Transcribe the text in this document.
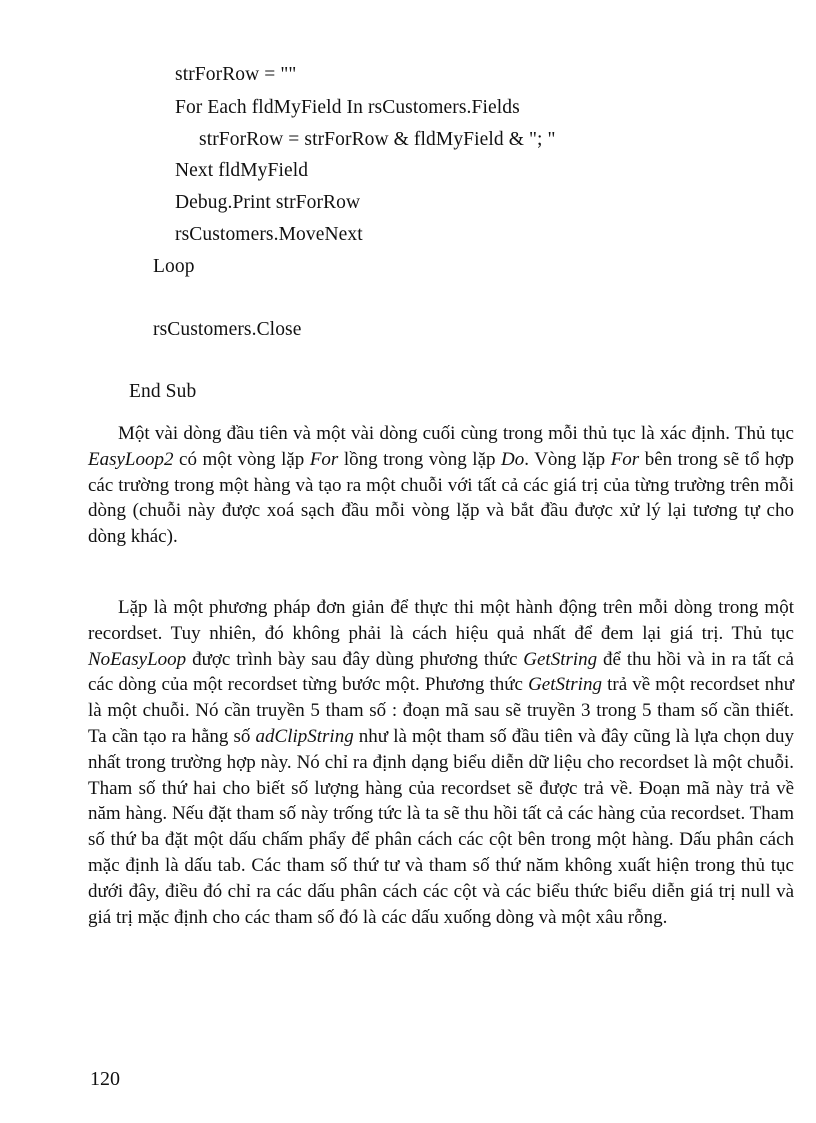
strForRow = ""
For Each fldMyField In rsCustomers.Fields
strForRow = strForRow & fldMyField & "; "
Next fldMyField
Debug.Print strForRow
rsCustomers.MoveNext
Loop
rsCustomers.Close
End Sub

Một vài dòng đầu tiên và một vài dòng cuối cùng trong mỗi thủ tục là xác định. Thủ tục EasyLoop2 có một vòng lặp For lồng trong vòng lặp Do. Vòng lặp For bên trong sẽ tổ hợp các trường trong một hàng và tạo ra một chuỗi với tất cả các giá trị của từng trường trên mỗi dòng (chuỗi này được xoá sạch đầu mỗi vòng lặp và bắt đầu được xử lý lại tương tự cho dòng khác).

Lặp là một phương pháp đơn giản để thực thi một hành động trên mỗi dòng trong một recordset. Tuy nhiên, đó không phải là cách hiệu quả nhất để đem lại giá trị. Thủ tục NoEasyLoop được trình bày sau đây dùng phương thức GetString để thu hồi và in ra tất cả các dòng của một recordset từng bước một. Phương thức GetString trả về một recordset như là một chuỗi. Nó cần truyền 5 tham số : đoạn mã sau sẽ truyền 3 trong 5 tham số cần thiết. Ta cần tạo ra hằng số adClipString như là một tham số đầu tiên và đây cũng là lựa chọn duy nhất trong trường hợp này. Nó chỉ ra định dạng biểu diễn dữ liệu cho recordset là một chuỗi. Tham số thứ hai cho biết số lượng hàng của recordset sẽ được trả về. Đoạn mã này trả về năm hàng. Nếu đặt tham số này trống tức là ta sẽ thu hồi tất cả các hàng của recordset. Tham số thứ ba đặt một dấu chấm phẩy để phân cách các cột bên trong một hàng. Dấu phân cách mặc định là dấu tab. Các tham số thứ tư và tham số thứ năm không xuất hiện trong thủ tục dưới đây, điều đó chỉ ra các dấu phân cách các cột và các biểu thức biểu diễn giá trị null và giá trị mặc định cho các tham số đó là các dấu xuống dòng và một xâu rỗng.

120
